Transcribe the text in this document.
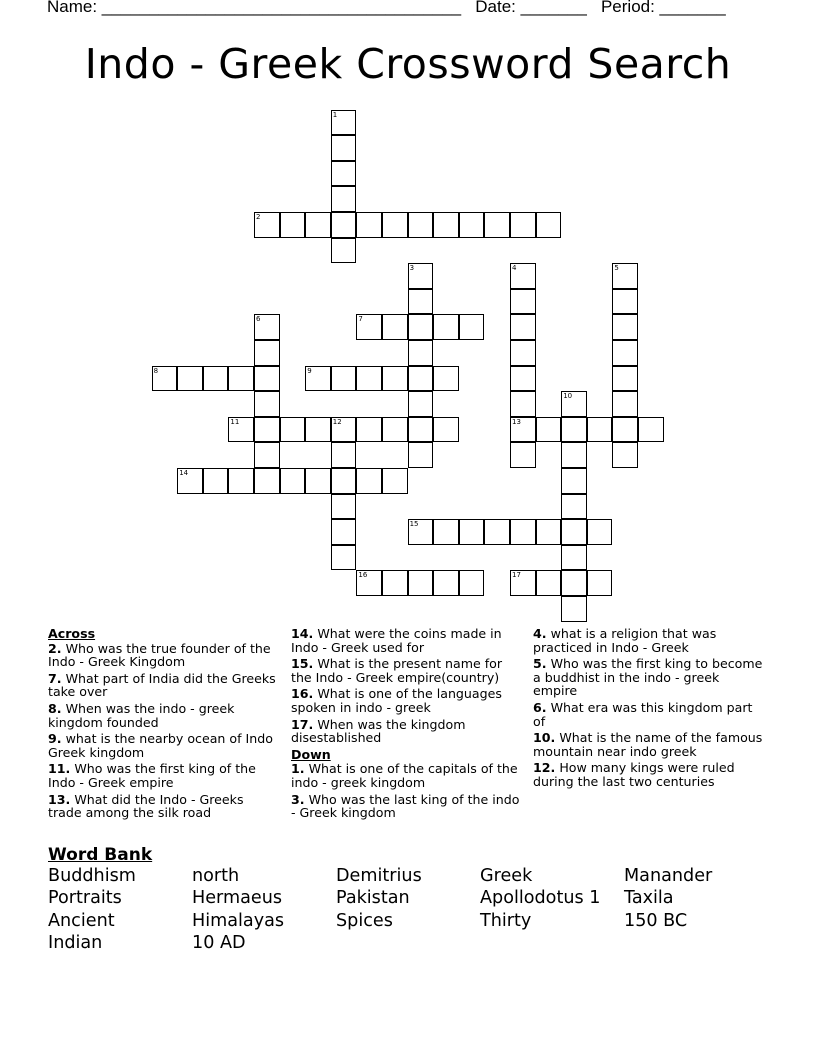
Name: ______________________________________ Date: _______ Period: _______
Indo - Greek Crossword Search
1
2
3	4	5
6	7
8	9
10
11	12	13
14
15
16	17
Across
2. Who was the true founder of the Indo - Greek Kingdom
7. What part of India did the Greeks take over
8. When was the indo - greek kingdom founded
9. what is the nearby ocean of Indo Greek kingdom
11. Who was the first king of the Indo - Greek empire
13. What did the Indo - Greeks trade among the silk road
14. What were the coins made in Indo - Greek used for
15. What is the present name for the Indo - Greek empire(country)
16. What is one of the languages spoken in indo - greek
17. When was the kingdom disestablished
Down
1. What is one of the capitals of the indo - greek kingdom
3. Who was the last king of the indo - Greek kingdom
4. what is a religion that was practiced in Indo - Greek
5. Who was the first king to become a buddhist in the indo - greek empire
6. What era was this kingdom part of
10. What is the name of the famous mountain near indo greek
12. How many kings were ruled during the last two centuries
Word Bank
Buddhism	north	Demitrius	Greek	Manander
Portraits	Hermaeus	Pakistan	Apollodotus 1	Taxila
Ancient	Himalayas	Spices	Thirty	150 BC
Indian	10 AD
